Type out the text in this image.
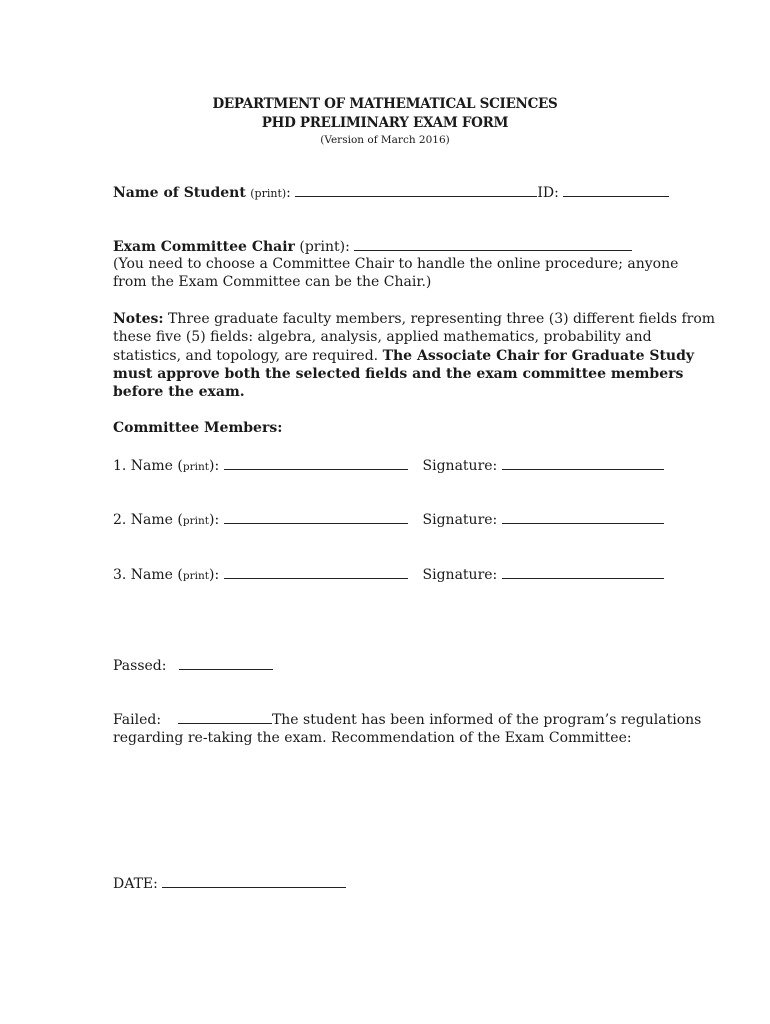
DEPARTMENT OF MATHEMATICAL SCIENCES
PHD PRELIMINARY EXAM FORM
(Version of March 2016)
Name of Student (print):	ID:
Exam Committee Chair (print):
(You need to choose a Committee Chair to handle the online procedure; anyone
from the Exam Committee can be the Chair.)
Notes: Three graduate faculty members, representing three (3) different fields from
these five (5) fields: algebra, analysis, applied mathematics, probability and
statistics, and topology, are required. The Associate Chair for Graduate Study
must approve both the selected fields and the exam committee members
before the exam.
Committee Members:
1. Name (print):	Signature:
2. Name (print):	Signature:
3. Name (print):	Signature:
Passed:
Failed:	The student has been informed of the program’s regulations
regarding re-taking the exam. Recommendation of the Exam Committee:
DATE:
